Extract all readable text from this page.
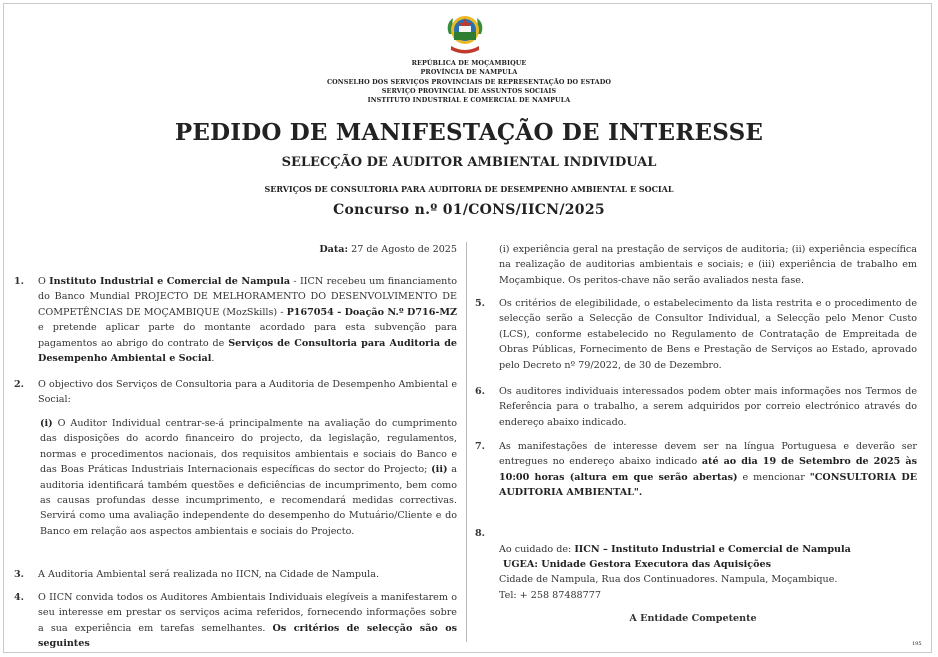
REPÚBLICA DE MOÇAMBIQUE
PROVÍNCIA DE NAMPULA
CONSELHO DOS SERVIÇOS PROVINCIAIS DE REPRESENTAÇÃO DO ESTADO
SERVIÇO PROVINCIAL DE ASSUNTOS SOCIAIS
INSTITUTO INDUSTRIAL E COMERCIAL DE NAMPULA
PEDIDO DE MANIFESTAÇÃO DE INTERESSE
SELECÇÃO DE AUDITOR AMBIENTAL INDIVIDUAL
SERVIÇOS DE CONSULTORIA PARA AUDITORIA DE DESEMPENHO AMBIENTAL E SOCIAL
Concurso n.º 01/CONS/IICN/2025
Data: 27 de Agosto de 2025
1. O Instituto Industrial e Comercial de Nampula - IICN recebeu um financiamento do Banco Mundial PROJECTO DE MELHORAMENTO DO DESENVOLVIMENTO DE COMPETÊNCIAS DE MOÇAMBIQUE (MozSkills) - P167054 - Doação N.º D716-MZ e pretende aplicar parte do montante acordado para esta subvenção para pagamentos ao abrigo do contrato de Serviços de Consultoria para Auditoria de Desempenho Ambiental e Social.
2. O objectivo dos Serviços de Consultoria para a Auditoria de Desempenho Ambiental e Social:
(i) O Auditor Individual centrar-se-á principalmente na avaliação do cumprimento das disposições do acordo financeiro do projecto, da legislação, regulamentos, normas e procedimentos nacionais, dos requisitos ambientais e sociais do Banco e das Boas Práticas Industriais Internacionais específicas do sector do Projecto; (ii) a auditoria identificará também questões e deficiências de incumprimento, bem como as causas profundas desse incumprimento, e recomendará medidas correctivas. Servirá como uma avaliação independente do desempenho do Mutuário/Cliente e do Banco em relação aos aspectos ambientais e sociais do Projecto.
3. A Auditoria Ambiental será realizada no IICN, na Cidade de Nampula.
4. O IICN convida todos os Auditores Ambientais Individuais elegíveis a manifestarem o seu interesse em prestar os serviços acima referidos, fornecendo informações sobre a sua experiência em tarefas semelhantes. Os critérios de selecção são os seguintes
(i) experiência geral na prestação de serviços de auditoria; (ii) experiência específica na realização de auditorias ambientais e sociais; e (iii) experiência de trabalho em Moçambique. Os peritos-chave não serão avaliados nesta fase.
5. Os critérios de elegibilidade, o estabelecimento da lista restrita e o procedimento de selecção serão a Selecção de Consultor Individual, a Selecção pelo Menor Custo (LCS), conforme estabelecido no Regulamento de Contratação de Empreitada de Obras Públicas, Fornecimento de Bens e Prestação de Serviços ao Estado, aprovado pelo Decreto nº 79/2022, de 30 de Dezembro.
6. Os auditores individuais interessados podem obter mais informações nos Termos de Referência para o trabalho, a serem adquiridos por correio electrónico através do endereço abaixo indicado.
7. As manifestações de interesse devem ser na língua Portuguesa e deverão ser entregues no endereço abaixo indicado até ao dia 19 de Setembro de 2025 às 10:00 horas (altura em que serão abertas) e mencionar "CONSULTORIA DE AUDITORIA AMBIENTAL".
8.
Ao cuidado de: IICN – Instituto Industrial e Comercial de Nampula
UGEA: Unidade Gestora Executora das Aquisições
Cidade de Nampula, Rua dos Continuadores. Nampula, Moçambique.
Tel: + 258 87488777
A Entidade Competente
195
